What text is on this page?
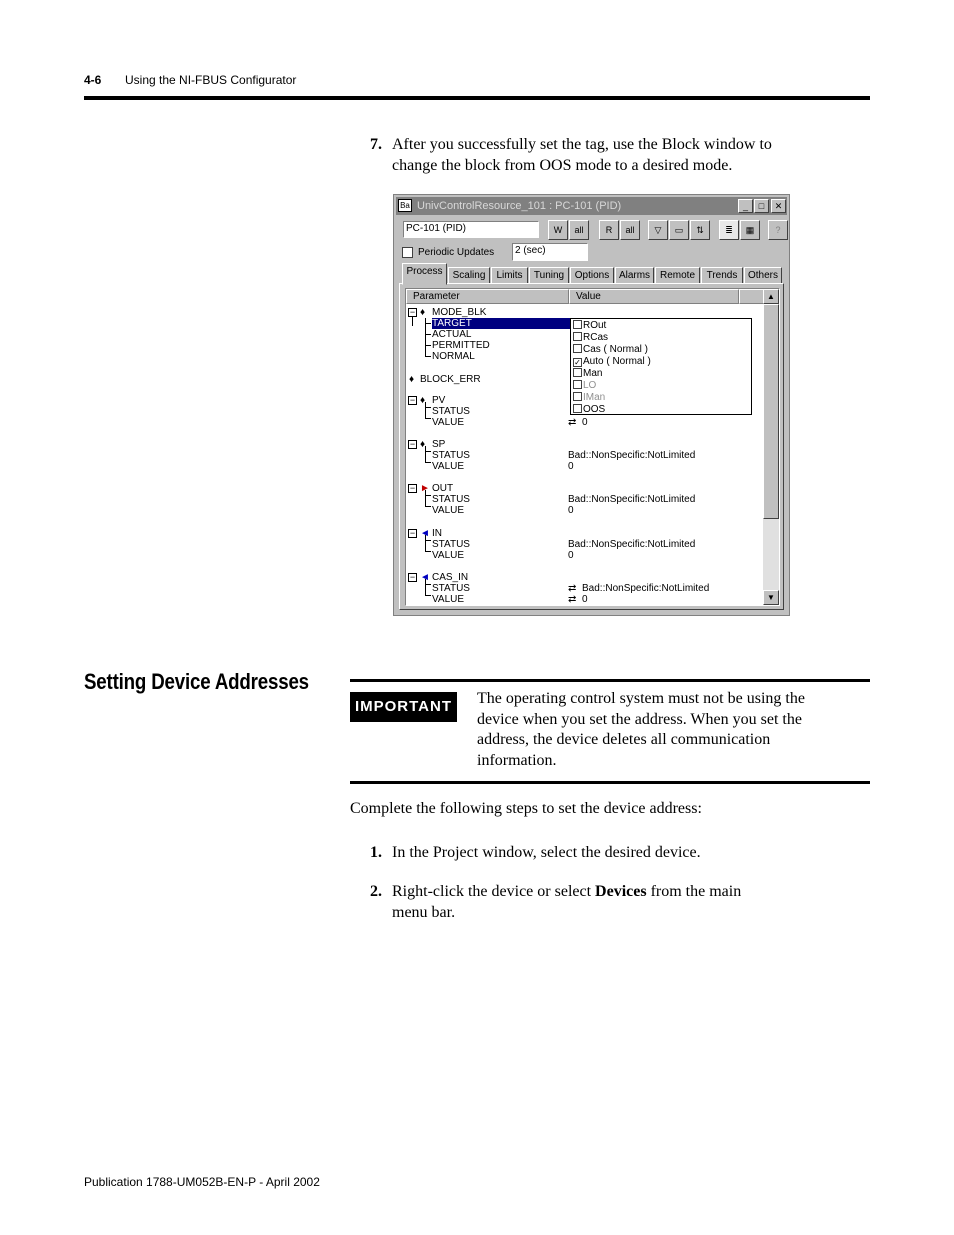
4-6 Using the NI-FBUS Configurator
7. After you successfully set the tag, use the Block window to
change the block from OOS mode to a desired mode.
Ba UnivControlResource_101 : PC-101 (PID)	_	□	✕
PC-101 (PID)	W	all	R	all	▽	▭	⇅	≣	▦	?
Periodic Updates	2 (sec)
Process	Scaling	Limits	Tuning	Options Alarms Remote	Trends	Others
Parameter	Value
− ♦ MODE_BLK
TARGET
ACTUAL
PERMITTED
NORMAL
♦ BLOCK_ERR
− ♦ PV
STATUS
VALUE	⇄ 0
− ♦ SP
STATUS	Bad::NonSpecific:NotLimited
VALUE	0
− ► OUT
STATUS	Bad::NonSpecific:NotLimited
VALUE	0
− ◄ IN
STATUS	Bad::NonSpecific:NotLimited
VALUE	0
− ◄ CAS_IN
STATUS	⇄ Bad::NonSpecific:NotLimited
VALUE	⇄ 0
ROut
RCas
Cas ( Normal )
✓ Auto ( Normal )
Man
LO
IMan
OOS
▲
▼
Setting Device Addresses
IMPORTANT	The operating control system must not be using the
device when you set the address. When you set the
address, the device deletes all communication
information.
Complete the following steps to set the device address:
1. In the Project window, select the desired device.
2. Right-click the device or select Devices from the main
menu bar.
Publication 1788-UM052B-EN-P - April 2002
